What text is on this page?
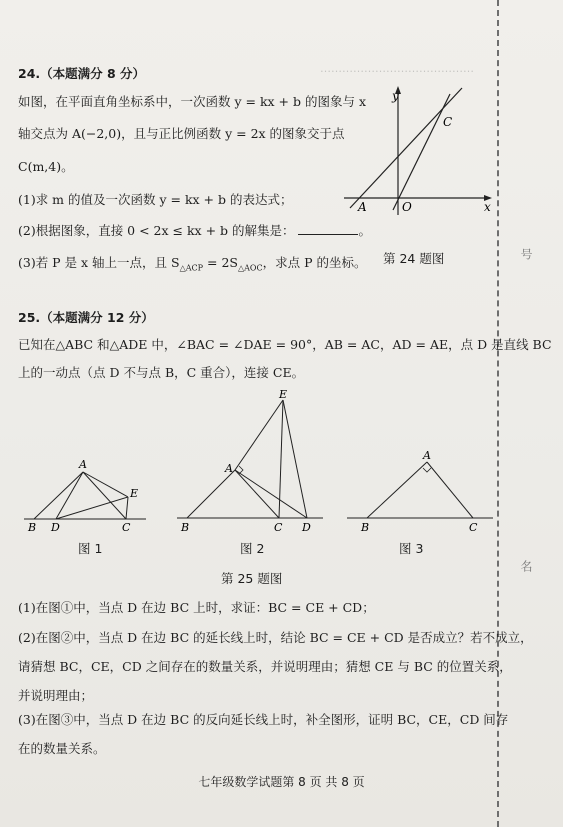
……………………………………
号
名
24.（本题满分 8 分）
如图，在平面直角坐标系中，一次函数 y = kx + b 的图象与 x
轴交点为 A(−2,0)，且与正比例函数 y = 2x 的图象交于点
C(m,4)。
(1)求 m 的值及一次函数 y = kx + b 的表达式；
(2)根据图象，直接 0 < 2x ≤ kx + b 的解集是：	。
(3)若 P 是 x 轴上一点，且 $S_{\triangle ACP} = 2S_{\triangle AOC}$，求点 P 的坐标。
y
x
A	O
C
第 24 题图
25.（本题满分 12 分）
已知在△ABC 和△ADE 中，∠BAC = ∠DAE = 90°，AB = AC，AD = AE，点 D 是直线 BC
上的一动点（点 D 不与点 B，C 重合），连接 CE。
A
B D	C
E
图 1
E
A
B	C D
图 2
A
B	C
图 3
第 25 题图
(1)在图①中，当点 D 在边 BC 上时，求证：BC = CE + CD；
(2)在图②中，当点 D 在边 BC 的延长线上时，结论 BC = CE + CD 是否成立？若不成立，
请猜想 BC，CE，CD 之间存在的数量关系，并说明理由；猜想 CE 与 BC 的位置关系，
并说明理由；
(3)在图③中，当点 D 在边 BC 的反向延长线上时，补全图形，证明 BC，CE，CD 间存
在的数量关系。
七年级数学试题第 8 页 共 8 页
